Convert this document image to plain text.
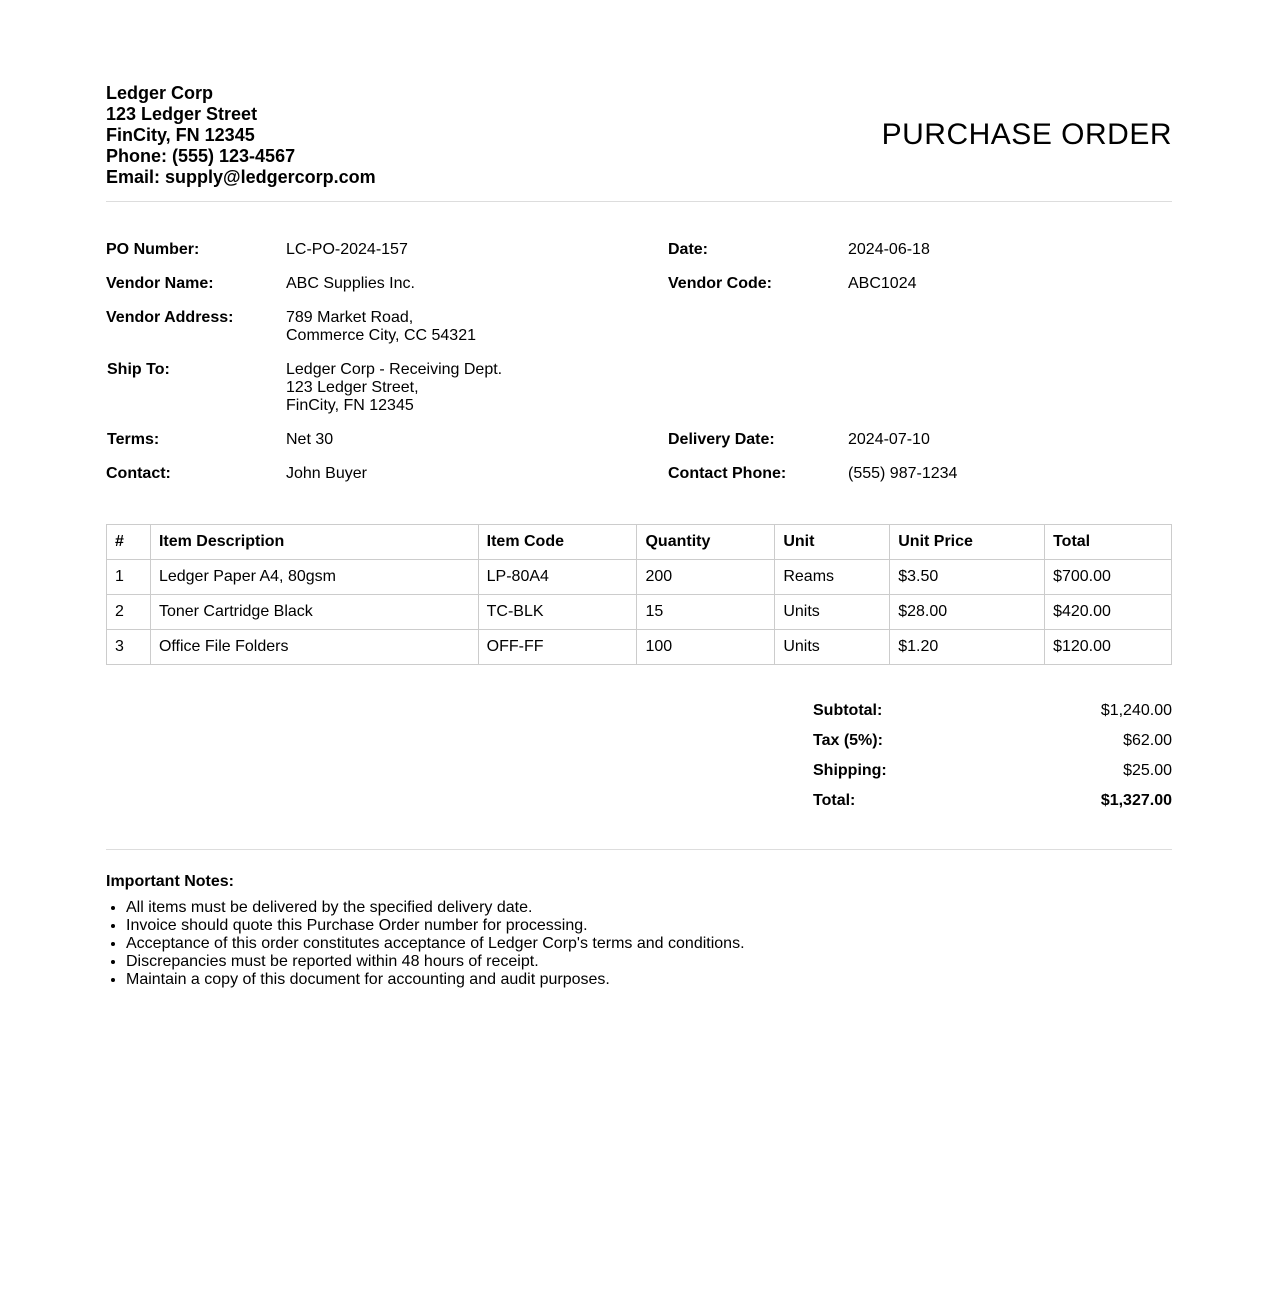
Ledger Corp
123 Ledger Street
FinCity, FN 12345
Phone: (555) 123-4567
Email: supply@ledgercorp.com
PURCHASE ORDER
PO Number:	LC-PO-2024-157	Date:	2024-06-18
Vendor Name:	ABC Supplies Inc.	Vendor Code:	ABC1024
Vendor Address:	789 Market Road,
Commerce City, CC 54321
Ship To:	Ledger Corp - Receiving Dept.
123 Ledger Street,
FinCity, FN 12345
Terms:	Net 30	Delivery Date:	2024-07-10
Contact:	John Buyer	Contact Phone:	(555) 987-1234
#	Item Description	Item Code	Quantity	Unit	Unit Price	Total
1	Ledger Paper A4, 80gsm	LP-80A4	200	Reams	$3.50	$700.00
2	Toner Cartridge Black	TC-BLK	15	Units	$28.00	$420.00
3	Office File Folders	OFF-FF	100	Units	$1.20	$120.00
Subtotal:	$1,240.00
Tax (5%):	$62.00
Shipping:	$25.00
Total:	$1,327.00
Important Notes:
• All items must be delivered by the specified delivery date.
• Invoice should quote this Purchase Order number for processing.
• Acceptance of this order constitutes acceptance of Ledger Corp's terms and conditions.
• Discrepancies must be reported within 48 hours of receipt.
• Maintain a copy of this document for accounting and audit purposes.
